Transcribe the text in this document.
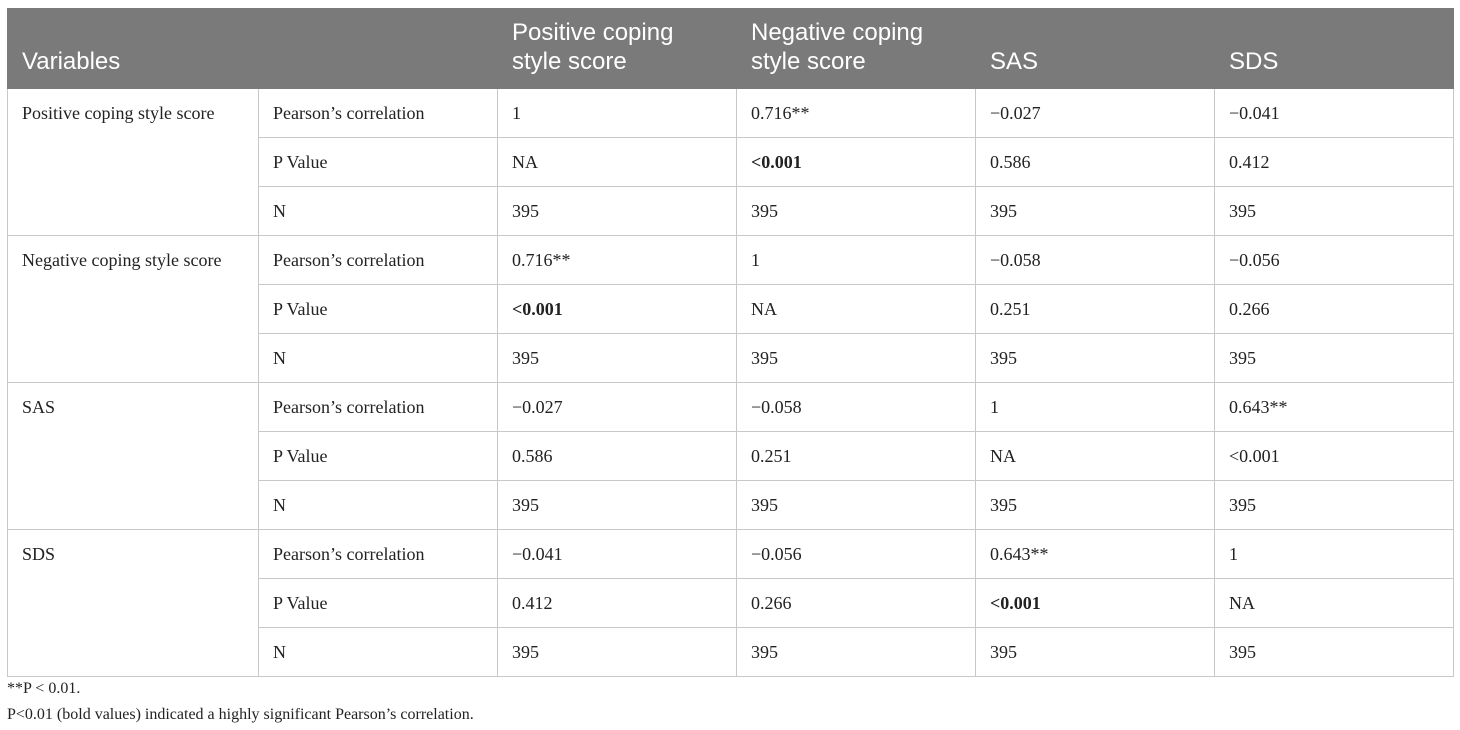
Variables		Positive coping style score	Negative coping style score	SAS	SDS
Positive coping style score	Pearson’s correlation	1	0.716**	−0.027	−0.041
	P Value	NA	<0.001	0.586	0.412
	N	395	395	395	395
Negative coping style score	Pearson’s correlation	0.716**	1	−0.058	−0.056
	P Value	<0.001	NA	0.251	0.266
	N	395	395	395	395
SAS	Pearson’s correlation	−0.027	−0.058	1	0.643**
	P Value	0.586	0.251	NA	<0.001
	N	395	395	395	395
SDS	Pearson’s correlation	−0.041	−0.056	0.643**	1
	P Value	0.412	0.266	<0.001	NA
	N	395	395	395	395
**P < 0.01.
P<0.01 (bold values) indicated a highly significant Pearson’s correlation.
